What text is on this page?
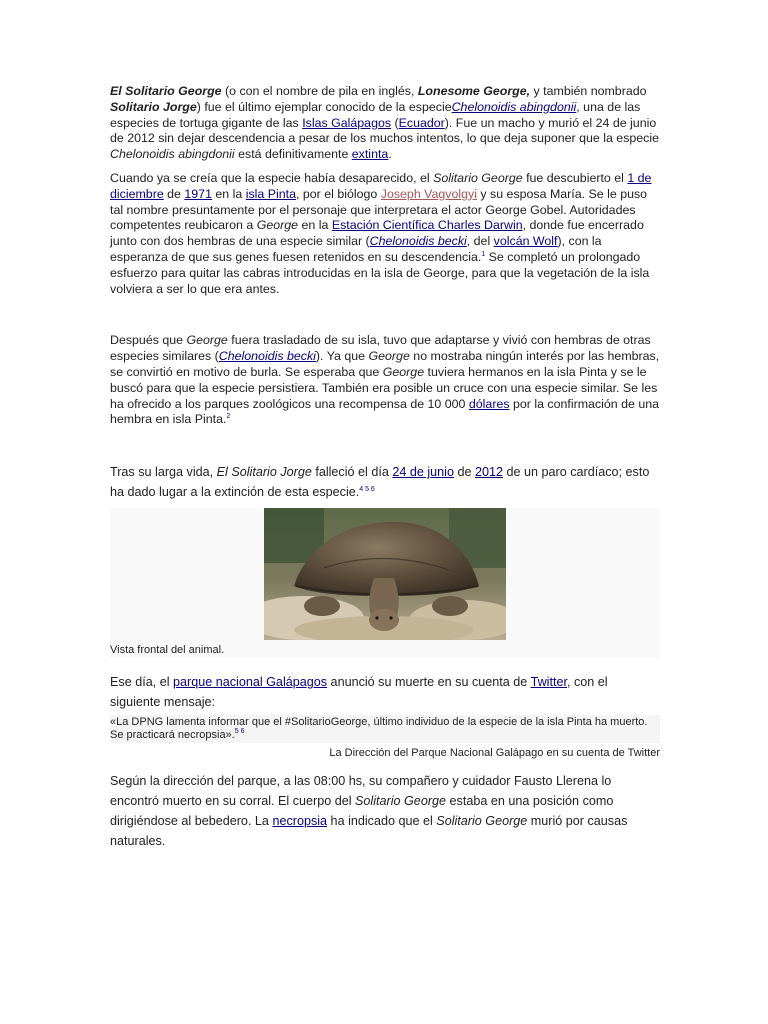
El Solitario George (o con el nombre de pila en inglés, Lonesome George, y también nombrado Solitario Jorge) fue el último ejemplar conocido de la especieChelonoidis abingdonii, una de las especies de tortuga gigante de las Islas Galápagos (Ecuador). Fue un macho y murió el 24 de junio de 2012 sin dejar descendencia a pesar de los muchos intentos, lo que deja suponer que la especie Chelonoidis abingdonii está definitivamente extinta.

Cuando ya se creía que la especie había desaparecido, el Solitario George fue descubierto el 1 de diciembre de 1971 en la isla Pinta, por el biólogo Joseph Vagvolgyi y su esposa María. Se le puso tal nombre presuntamente por el personaje que interpretara el actor George Gobel. Autoridades competentes reubicaron a George en la Estación Científica Charles Darwin, donde fue encerrado junto con dos hembras de una especie similar (Chelonoidis becki, del volcán Wolf), con la esperanza de que sus genes fuesen retenidos en su descendencia.$^1$ Se completó un prolongado esfuerzo para quitar las cabras introducidas en la isla de George, para que la vegetación de la isla volviera a ser lo que era antes.

Después que George fuera trasladado de su isla, tuvo que adaptarse y vivió con hembras de otras especies similares (Chelonoidis becki). Ya que George no mostraba ningún interés por las hembras, se convirtió en motivo de burla. Se esperaba que George tuviera hermanos en la isla Pinta y se le buscó para que la especie persistiera. También era posible un cruce con una especie similar. Se les ha ofrecido a los parques zoológicos una recompensa de 10 000 dólares por la confirmación de una hembra en isla Pinta.$^2$

Tras su larga vida, El Solitario Jorge falleció el día 24 de junio de 2012 de un paro cardíaco; esto ha dado lugar a la extinción de esta especie.$^{4 5 6}$

Vista frontal del animal.

Ese día, el parque nacional Galápagos anunció su muerte en su cuenta de Twitter, con el siguiente mensaje:

«La DPNG lamenta informar que el #SolitarioGeorge, último individuo de la especie de la isla Pinta ha muerto. Se practicará necropsia».$^{5 6}$
La Dirección del Parque Nacional Galápago en su cuenta de Twitter

Según la dirección del parque, a las 08:00 hs, su compañero y cuidador Fausto Llerena lo encontró muerto en su corral. El cuerpo del Solitario George estaba en una posición como dirigiéndose al bebedero. La necropsia ha indicado que el Solitario George murió por causas naturales.
